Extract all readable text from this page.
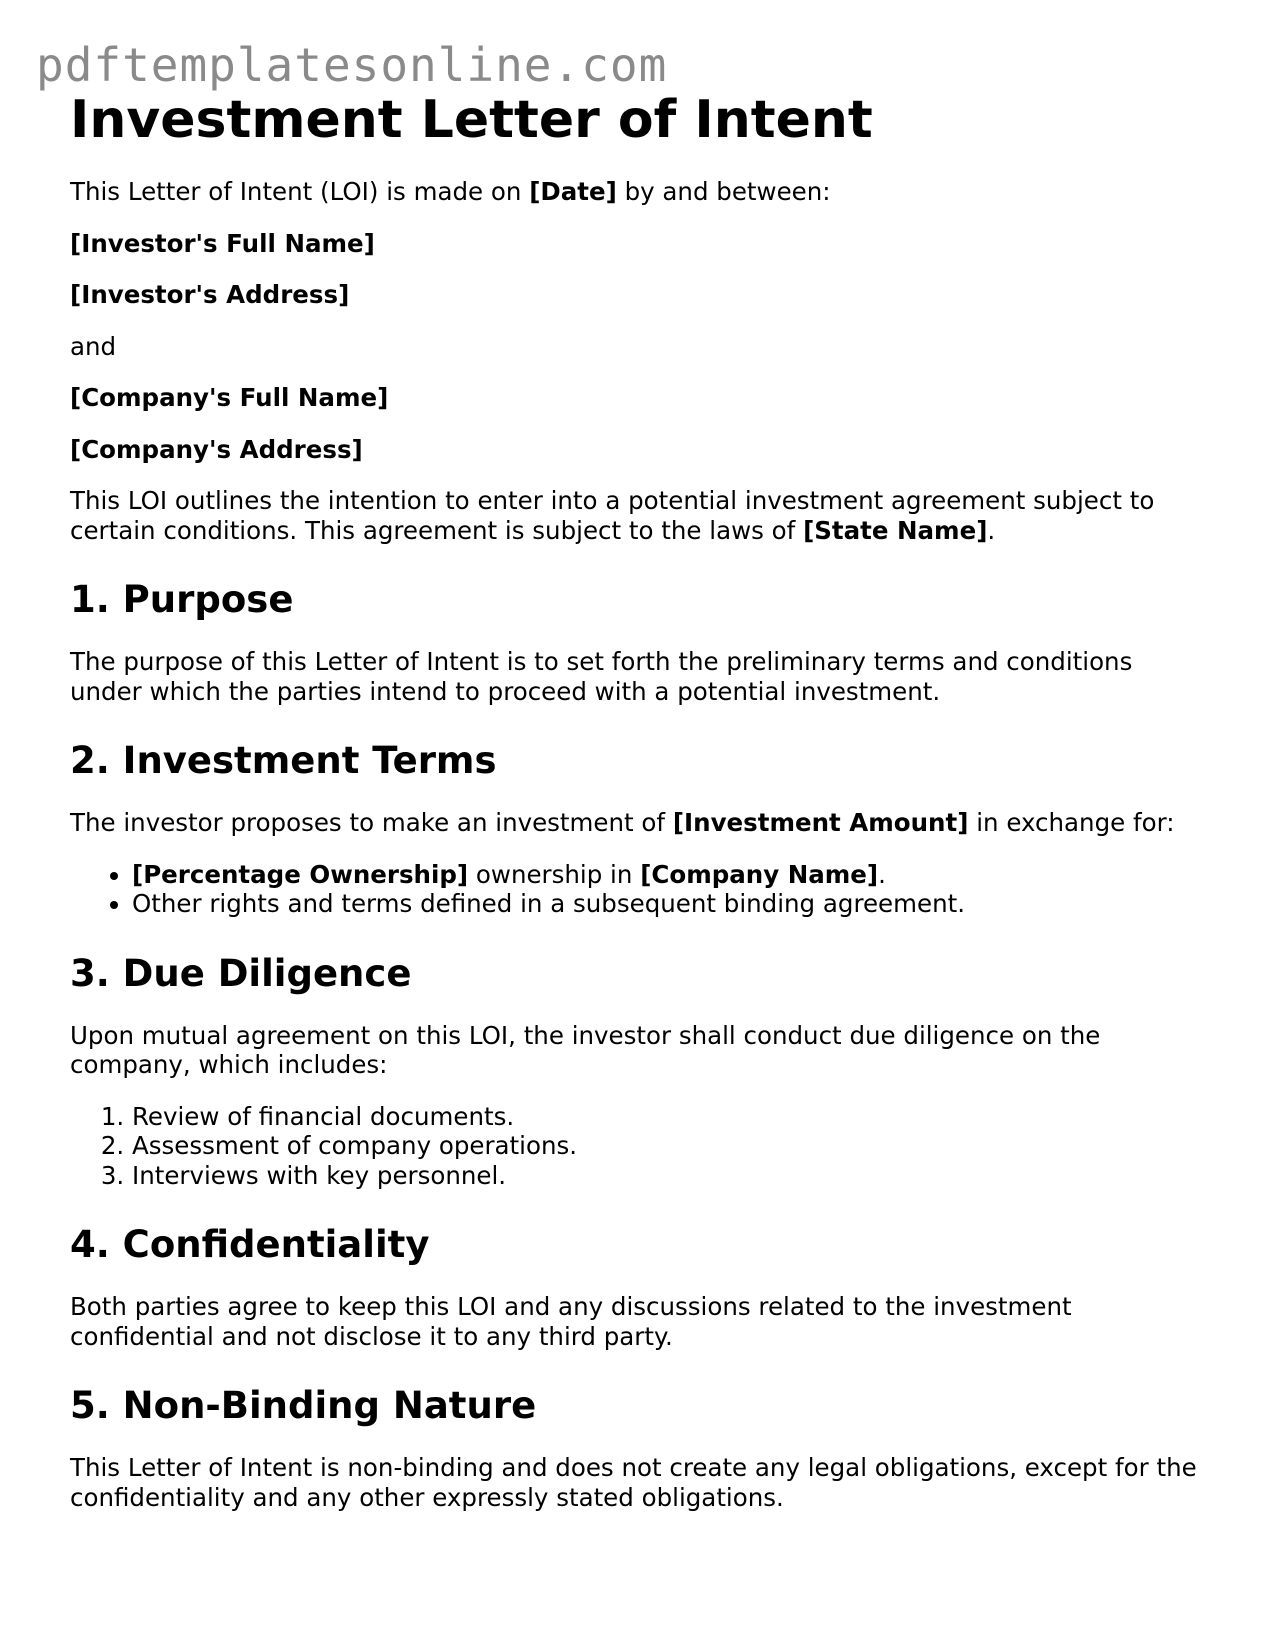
pdftemplatesonline.com
Investment Letter of Intent

This Letter of Intent (LOI) is made on [Date] by and between:

[Investor's Full Name]

[Investor's Address]

and

[Company's Full Name]

[Company's Address]

This LOI outlines the intention to enter into a potential investment agreement subject to certain conditions. This agreement is subject to the laws of [State Name].

1. Purpose

The purpose of this Letter of Intent is to set forth the preliminary terms and conditions under which the parties intend to proceed with a potential investment.

2. Investment Terms

The investor proposes to make an investment of [Investment Amount] in exchange for:

• [Percentage Ownership] ownership in [Company Name].
• Other rights and terms defined in a subsequent binding agreement.
3. Due Diligence

Upon mutual agreement on this LOI, the investor shall conduct due diligence on the company, which includes:

1. Review of financial documents.
2. Assessment of company operations.
3. Interviews with key personnel.
4. Confidentiality

Both parties agree to keep this LOI and any discussions related to the investment confidential and not disclose it to any third party.

5. Non-Binding Nature

This Letter of Intent is non-binding and does not create any legal obligations, except for the confidentiality and any other expressly stated obligations.
